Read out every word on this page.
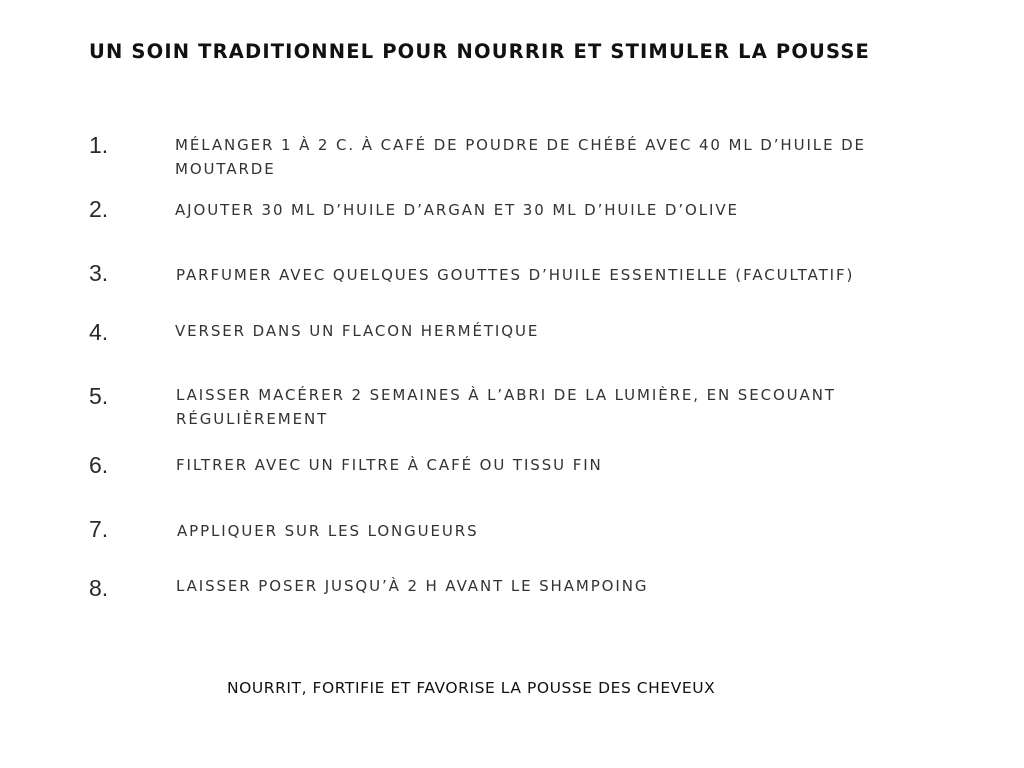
UN SOIN TRADITIONNEL POUR NOURRIR ET STIMULER LA POUSSE
1.	MÉLANGER 1 À 2 C. À CAFÉ DE POUDRE DE CHÉBÉ AVEC 40 ML D’HUILE DE MOUTARDE
2.	AJOUTER 30 ML D’HUILE D’ARGAN ET 30 ML D’HUILE D’OLIVE
3.	PARFUMER AVEC QUELQUES GOUTTES D’HUILE ESSENTIELLE (FACULTATIF)
4.	VERSER DANS UN FLACON HERMÉTIQUE
5.	LAISSER MACÉRER 2 SEMAINES À L’ABRI DE LA LUMIÈRE, EN SECOUANT RÉGULIÈREMENT
6.	FILTRER AVEC UN FILTRE À CAFÉ OU TISSU FIN
7.	APPLIQUER SUR LES LONGUEURS
8.	LAISSER POSER JUSQU’À 2 H AVANT LE SHAMPOING
NOURRIT, FORTIFIE ET FAVORISE LA POUSSE DES CHEVEUX
